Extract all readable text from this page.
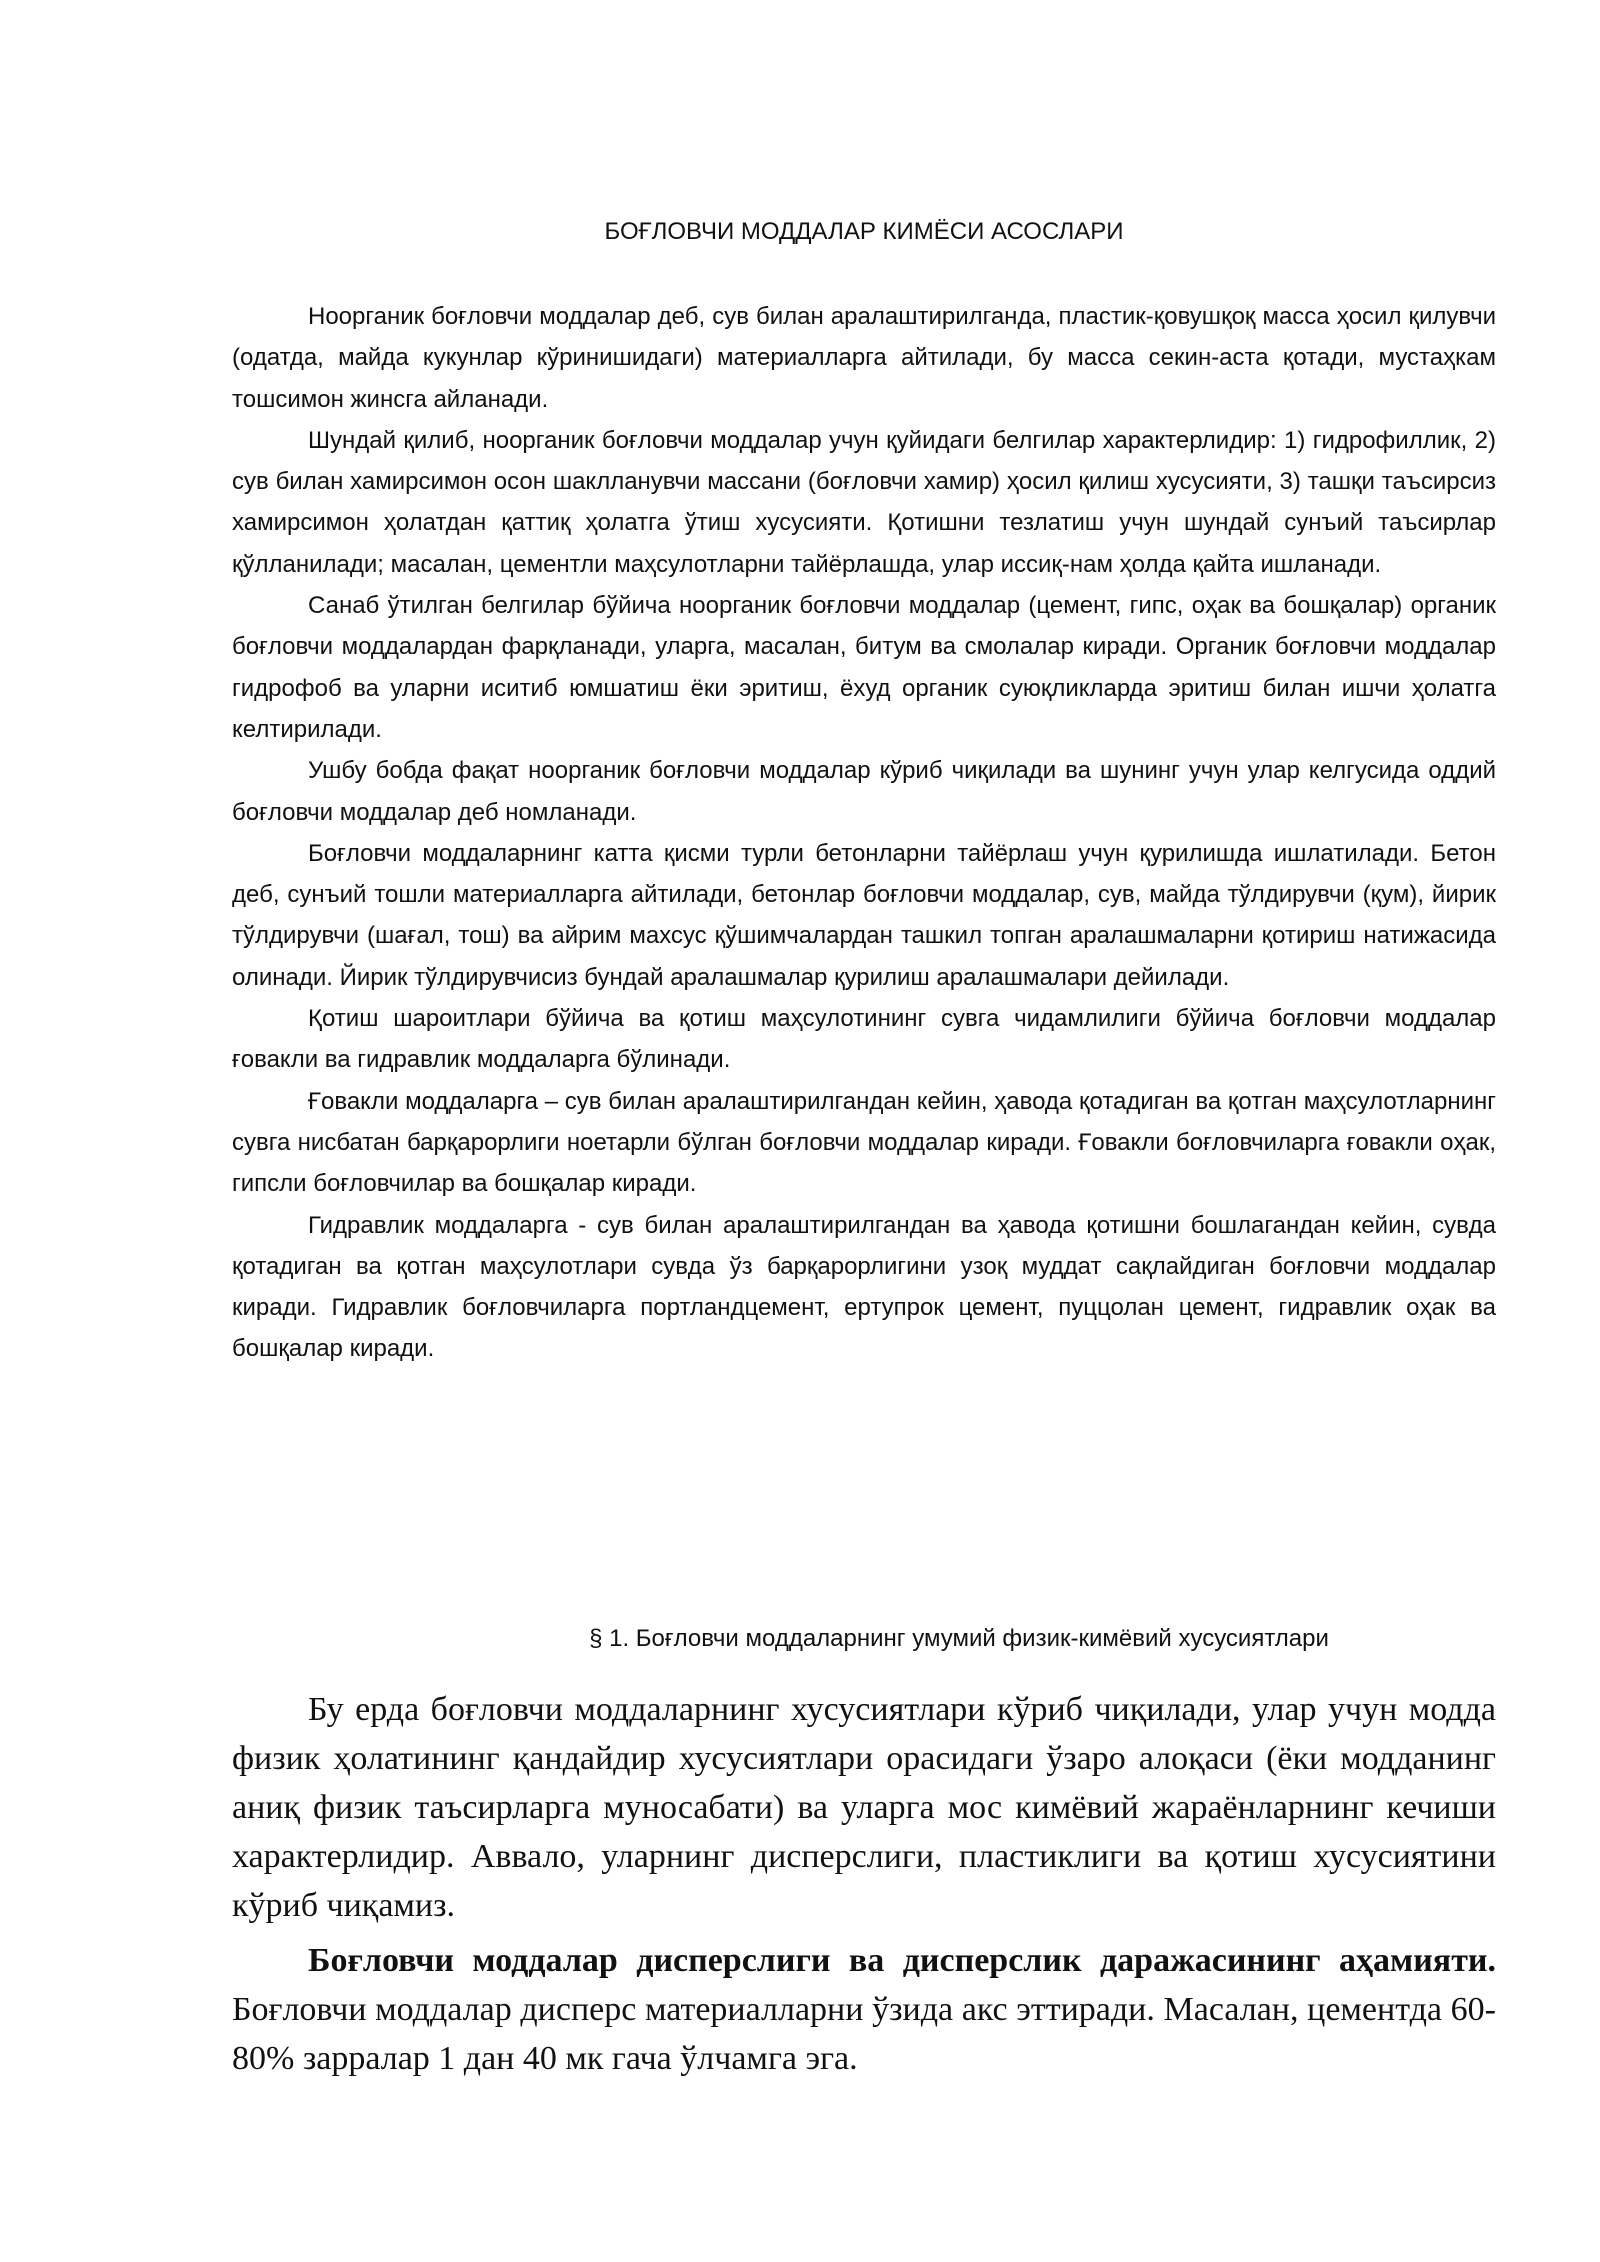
БОҒЛОВЧИ МОДДАЛАР КИМЁСИ АСОСЛАРИ

Ноорганик боғловчи моддалар деб, сув билан аралаштирилганда, пластик-қовушқоқ масса ҳосил қилувчи (одатда, майда кукунлар кўринишидаги) материалларга айтилади, бу масса секин-аста қотади, мустаҳкам тошсимон жинсга айланади.

Шундай қилиб, ноорганик боғловчи моддалар учун қуйидаги белгилар характерлидир: 1) гидрофиллик, 2) сув билан хамирсимон осон шаклланувчи массани (боғловчи хамир) ҳосил қилиш хусусияти, 3) ташқи таъсирсиз хамирсимон ҳолатдан қаттиқ ҳолатга ўтиш хусусияти. Қотишни тезлатиш учун шундай сунъий таъсирлар қўлланилади; масалан, цементли маҳсулотларни тайёрлашда, улар иссиқ-нам ҳолда қайта ишланади.

Санаб ўтилган белгилар бўйича ноорганик боғловчи моддалар (цемент, гипс, оҳак ва бошқалар) органик боғловчи моддалардан фарқланади, уларга, масалан, битум ва смолалар киради. Органик боғловчи моддалар гидрофоб ва уларни иситиб юмшатиш ёки эритиш, ёхуд органик суюқликларда эритиш билан ишчи ҳолатга келтирилади.

Ушбу бобда фақат ноорганик боғловчи моддалар кўриб чиқилади ва шунинг учун улар келгусида оддий боғловчи моддалар деб номланади.

Боғловчи моддаларнинг катта қисми турли бетонларни тайёрлаш учун қурилишда ишлатилади. Бетон деб, сунъий тошли материалларга айтилади, бетонлар боғловчи моддалар, сув, майда тўлдирувчи (қум), йирик тўлдирувчи (шағал, тош) ва айрим махсус қўшимчалардан ташкил топган аралашмаларни қотириш натижасида олинади. Йирик тўлдирувчисиз бундай аралашмалар қурилиш аралашмалари дейилади.

Қотиш шароитлари бўйича ва қотиш маҳсулотининг сувга чидамлилиги бўйича боғловчи моддалар ғовакли ва гидравлик моддаларга бўлинади.

Ғовакли моддаларга – сув билан аралаштирилгандан кейин, ҳавода қотадиган ва қотган маҳсулотларнинг сувга нисбатан барқарорлиги ноетарли бўлган боғловчи моддалар киради. Ғовакли боғловчиларга ғовакли оҳак, гипсли боғловчилар ва бошқалар киради.

Гидравлик моддаларга - сув билан аралаштирилгандан ва ҳавода қотишни бошлагандан кейин, сувда қотадиган ва қотган маҳсулотлари сувда ўз барқарорлигини узоқ муддат сақлайдиган боғловчи моддалар киради. Гидравлик боғловчиларга портландцемент, ертупрок цемент, пуццолан цемент, гидравлик оҳак ва бошқалар киради.

§ 1. Боғловчи моддаларнинг умумий физик-кимёвий хусусиятлари

Бу ерда боғловчи моддаларнинг хусусиятлари кўриб чиқилади, улар учун модда физик ҳолатининг қандайдир хусусиятлари орасидаги ўзаро алоқаси (ёки модданинг аниқ физик таъсирларга муносабати) ва уларга мос кимёвий жараёнларнинг кечиши характерлидир. Аввало, уларнинг дисперслиги, пластиклиги ва қотиш хусусиятини кўриб чиқамиз.

Боғловчи моддалар дисперслиги ва дисперслик даражасининг аҳамияти. Боғловчи моддалар дисперс материалларни ўзида акс эттиради. Масалан, цементда 60-80% зарралар 1 дан 40 мк гача ўлчамга эга.
